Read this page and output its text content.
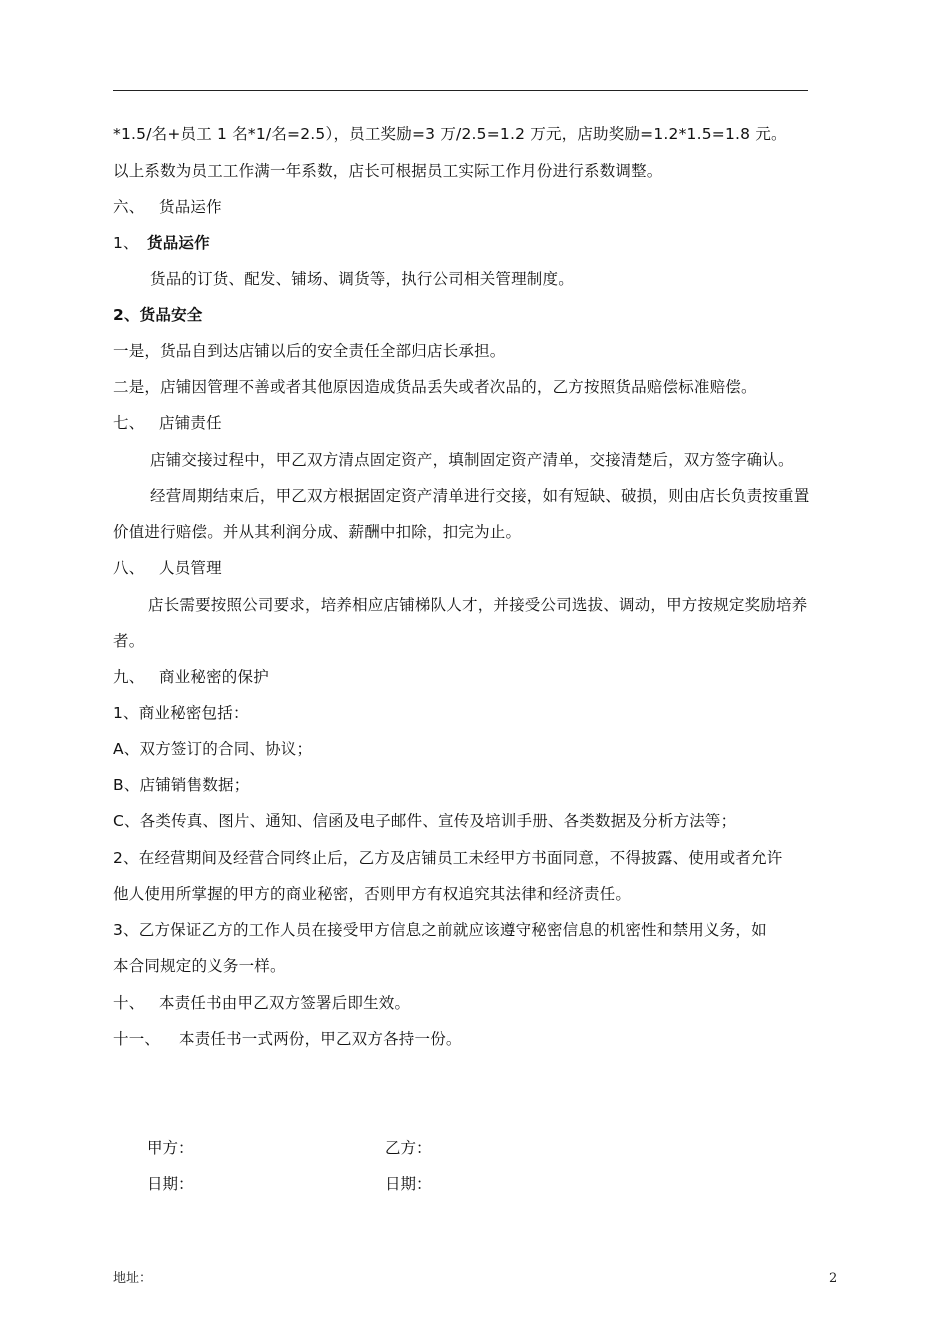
*1.5/名+员工 1 名*1/名=2.5），员工奖励=3 万/2.5=1.2 万元，店助奖励=1.2*1.5=1.8 元。
以上系数为员工工作满一年系数，店长可根据员工实际工作月份进行系数调整。
六、 货品运作
1、 货品运作
货品的订货、配发、铺场、调货等，执行公司相关管理制度。
2、货品安全
一是，货品自到达店铺以后的安全责任全部归店长承担。
二是，店铺因管理不善或者其他原因造成货品丢失或者次品的，乙方按照货品赔偿标准赔偿。
七、 店铺责任
店铺交接过程中，甲乙双方清点固定资产，填制固定资产清单，交接清楚后，双方签字确认。
经营周期结束后，甲乙双方根据固定资产清单进行交接，如有短缺、破损，则由店长负责按重置
价值进行赔偿。并从其利润分成、薪酬中扣除，扣完为止。
八、 人员管理
店长需要按照公司要求，培养相应店铺梯队人才，并接受公司选拔、调动，甲方按规定奖励培养
者。
九、 商业秘密的保护
1、商业秘密包括：
A、双方签订的合同、协议；
B、店铺销售数据；
C、各类传真、图片、通知、信函及电子邮件、宣传及培训手册、各类数据及分析方法等；
2、在经营期间及经营合同终止后，乙方及店铺员工未经甲方书面同意，不得披露、使用或者允许
他人使用所掌握的甲方的商业秘密，否则甲方有权追究其法律和经济责任。
3、乙方保证乙方的工作人员在接受甲方信息之前就应该遵守秘密信息的机密性和禁用义务，如
本合同规定的义务一样。
十、 本责任书由甲乙双方签署后即生效。
十一、 本责任书一式两份，甲乙双方各持一份。
甲方：	乙方：
日期：	日期：
地址：	2
